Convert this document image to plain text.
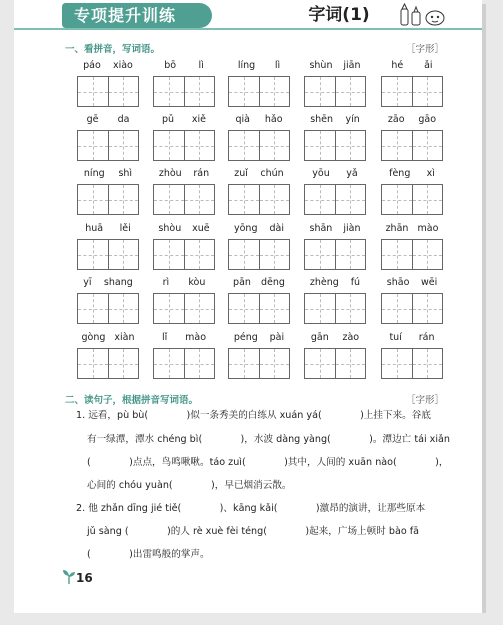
专项提升训练	字词(1)
一、看拼音，写词语。	［字形］
páo xiào	bō lì	líng lì	shùn jiān	hé ǎi
gē da	pǔ xiě	qià hǎo	shēn yín	zāo gāo
níng shì	zhòu rán	zuǐ chún	yōu yǎ	fèng xì
huā lěi	shòu xuē	yōng dài	shān jiàn	zhān mào
yī shang	rì kòu	pān dēng	zhèng fú	shāo wēi
gòng xiàn	lǐ mào	péng pài	gān zào	tuí rán
二、读句子，根据拼音写词语。	［字形］
1. 远看，pù bù(　　　　)似一条秀美的白练从 xuán yá(　　　　)上挂下来。谷底
有一绿潭，潭水 chéng bì(　　　　)，水波 dàng yàng(　　　　)。潭边亡 tái xiǎn
(　　　　)点点，鸟鸣啾啾。táo zuì(　　　　)其中，人间的 xuān nào(　　　　)，
心间的 chóu yuàn(　　　　)，早已烟消云散。
2. 他 zhǎn dīng jié tiě(　　　　)、kāng kǎi(　　　　)激昂的演讲，让那些原本
jǔ sàng (　　　　)的人 rè xuè fèi téng(　　　　)起来，广场上顿时 bào fā
(　　　　)出雷鸣般的掌声。
16
